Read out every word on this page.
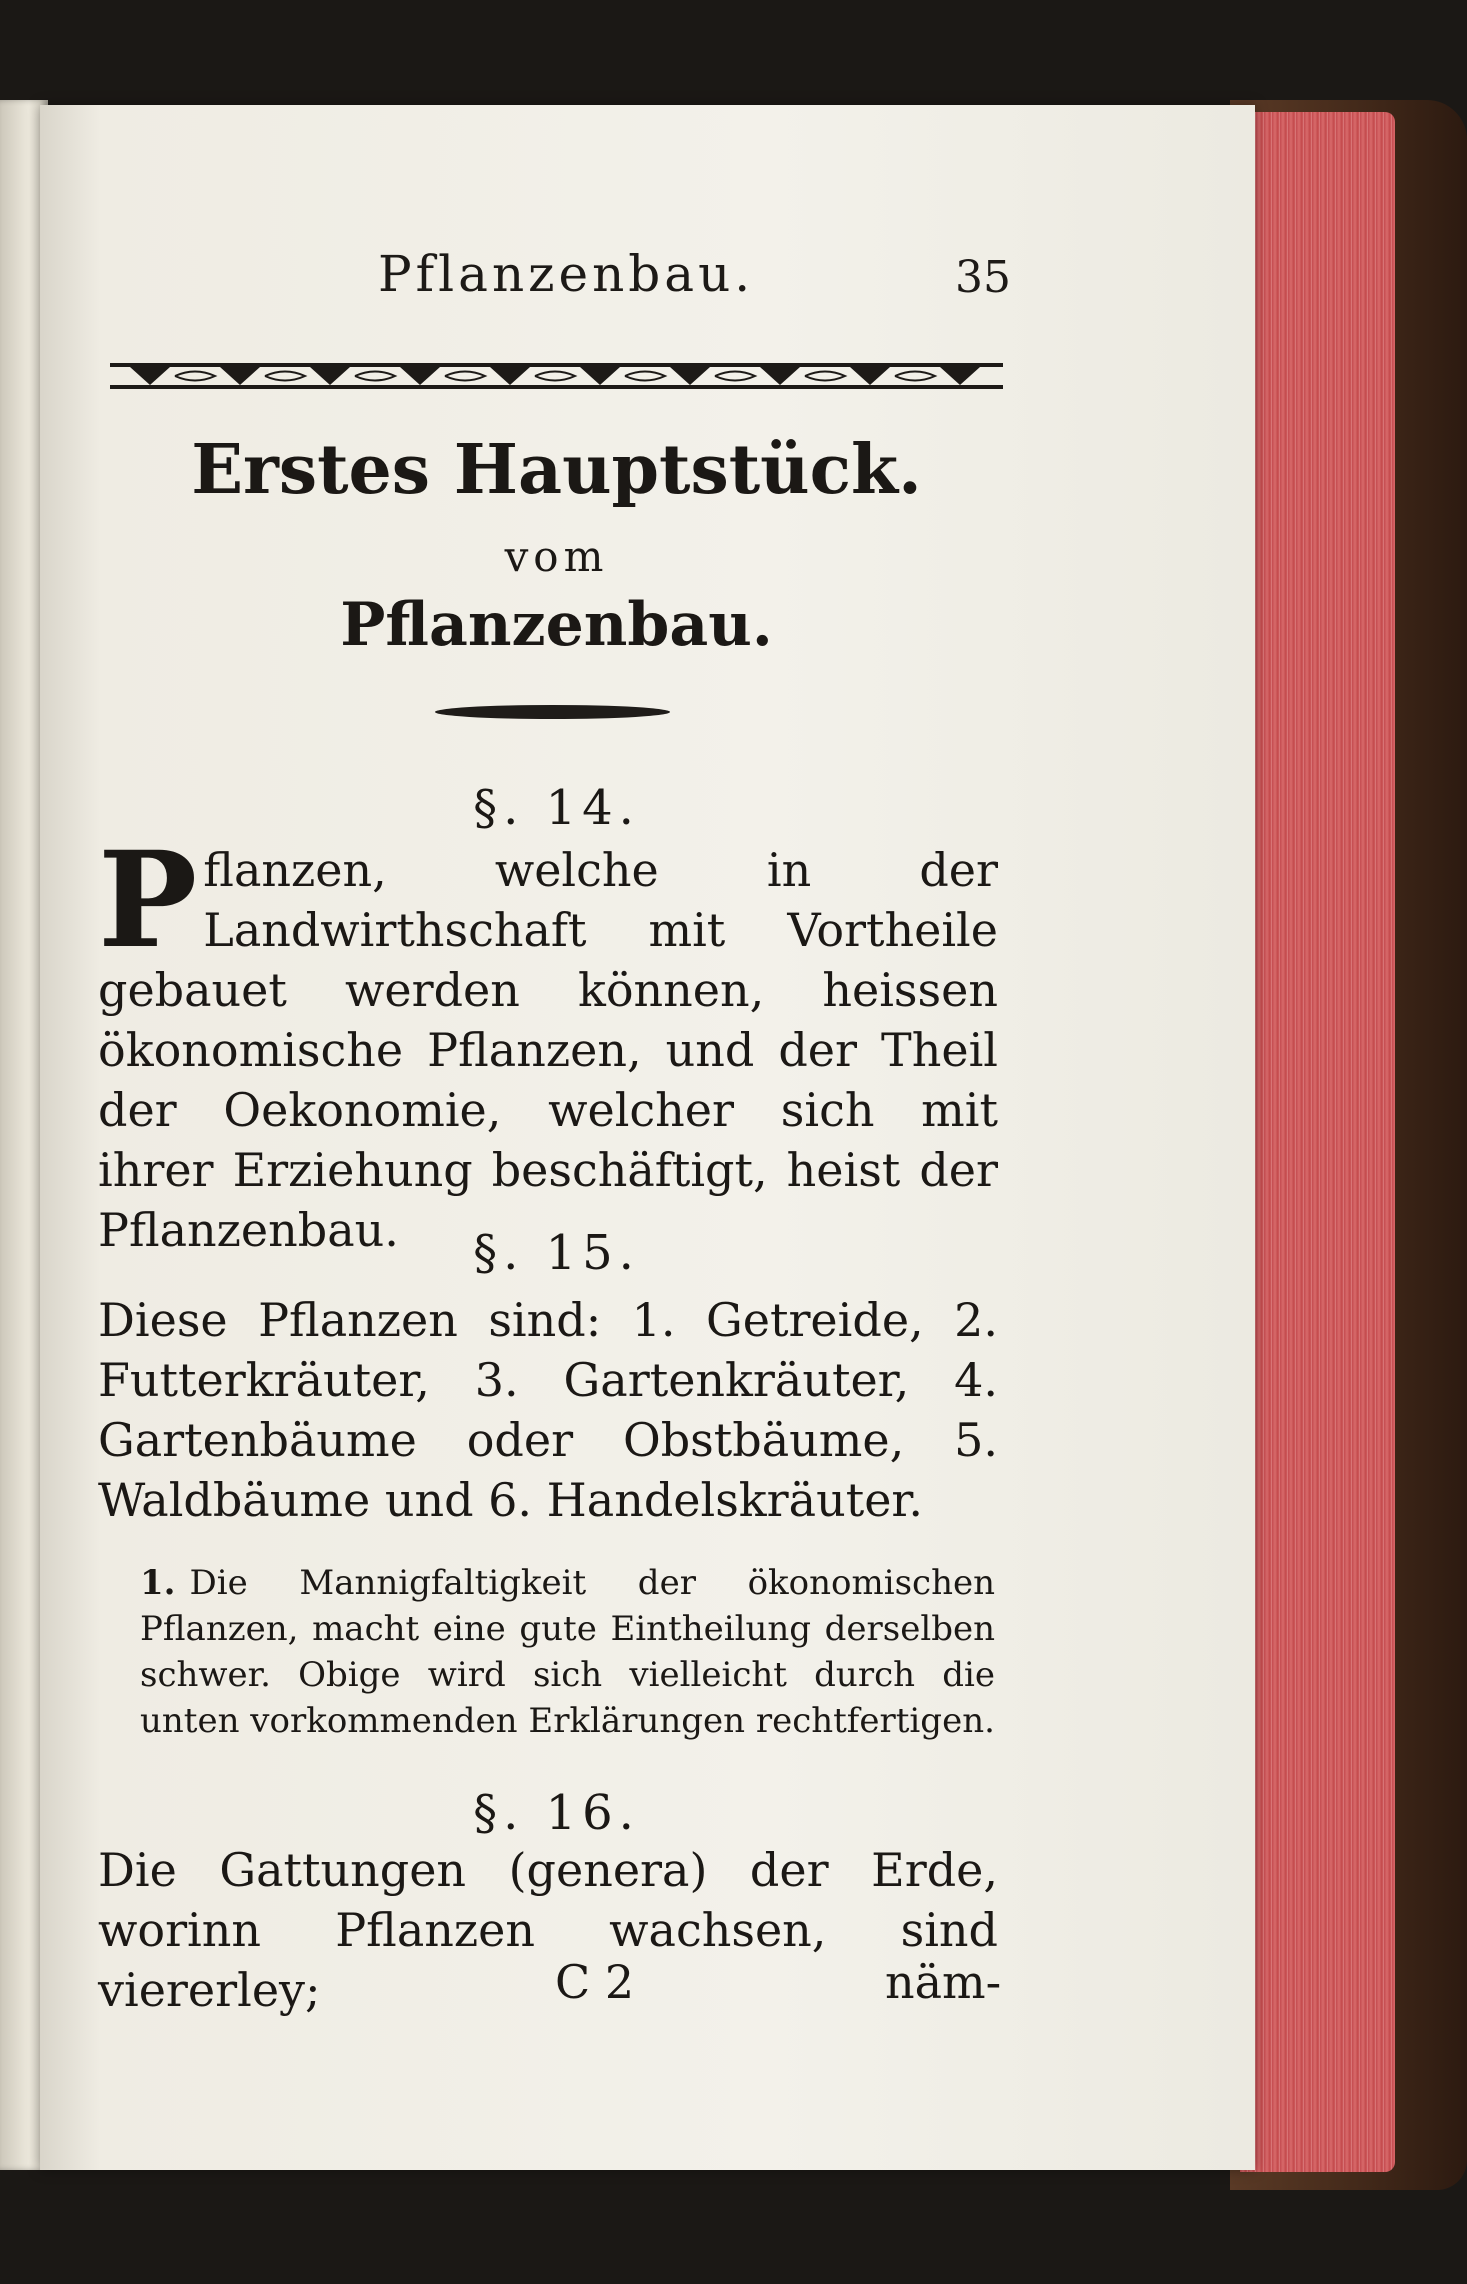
Pflanzenbau.	35
Erstes Hauptstück.
vom
Pflanzenbau.
§. 14.

Pflanzen, welche in der Landwirthschaft mit Vortheile gebauet werden können, heissen ökonomische Pflanzen, und der Theil der Oekonomie, welcher sich mit ihrer Erziehung beschäftigt, heist der Pflanzenbau.	§. 15.

Diese Pflanzen sind: 1. Getreide, 2. Futterkräuter, 3. Gartenkräuter, 4. Gartenbäume oder Obstbäume, 5. Waldbäume und 6. Handelskräuter.

1. Die Mannigfaltigkeit der ökonomischen Pflanzen, macht eine gute Eintheilung derselben schwer. Obige wird sich vielleicht durch die unten vorkommenden Erklärungen rechtfertigen.

§. 16.

Die Gattungen (genera) der Erde, worinn Pflanzen wachsen, sind viererley;	C 2	näm-
